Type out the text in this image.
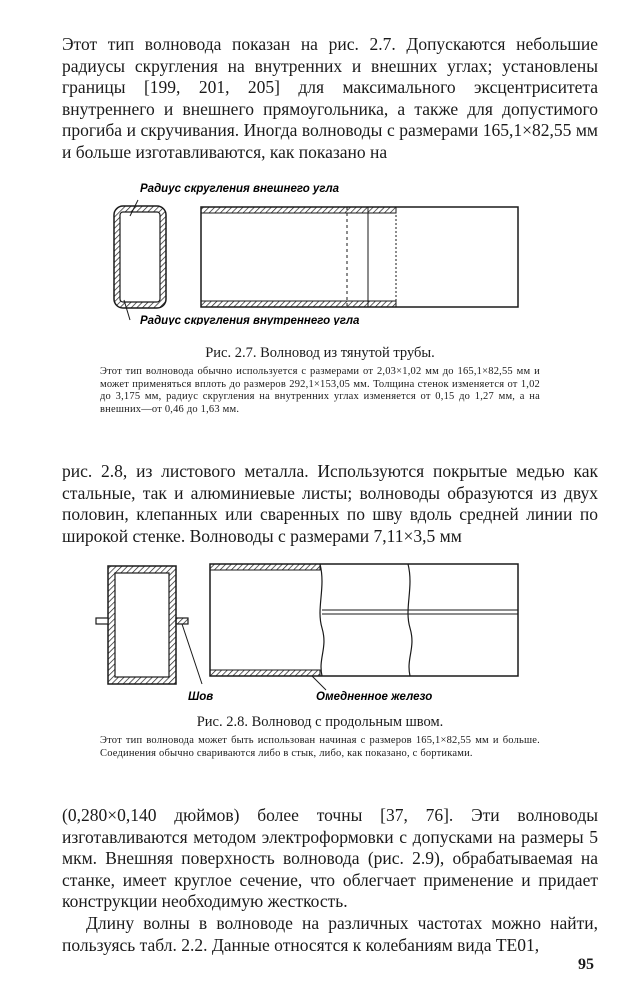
Этот тип волновода показан на рис. 2.7. Допускаются небольшие радиусы скругления на внутренних и внешних углах; установлены границы [199, 201, 205] для максимального эксцентриситета внутреннего и внешнего прямоугольника, а также для допустимого прогиба и скручивания. Иногда волноводы с размерами 165,1×82,55 мм и больше изготавливаются, как показано на

Радиус скругления внешнего угла
Радиус скругления внутреннего угла

Рис. 2.7. Волновод из тянутой трубы.

Этот тип волновода обычно используется с размерами от 2,03×1,02 мм до 165,1×82,55 мм и может применяться вплоть до размеров 292,1×153,05 мм. Толщина стенок изменяется от 1,02 до 3,175 мм, радиус скругления на внутренних углах изменяется от 0,15 до 1,27 мм, а на внешних—от 0,46 до 1,63 мм.

рис. 2.8, из листового металла. Используются покрытые медью как стальные, так и алюминиевые листы; волноводы образуются из двух половин, клепанных или сваренных по шву вдоль средней линии по широкой стенке. Волноводы с размерами 7,11×3,5 мм

Шов	Омедненное железо

Рис. 2.8. Волновод с продольным швом.

Этот тип волновода может быть использован начиная с размеров 165,1×82,55 мм и больше. Соединения обычно свариваются либо в стык, либо, как показано, с бортиками.

(0,280×0,140 дюймов) более точны [37, 76]. Эти волноводы изготавливаются методом электроформовки с допусками на размеры 5 мкм. Внешняя поверхность волновода (рис. 2.9), обрабатываемая на станке, имеет круглое сечение, что облегчает применение и придает конструкции необходимую жесткость.

Длину волны в волноводе на различных частотах можно найти, пользуясь табл. 2.2. Данные относятся к колебаниям вида TE01,

95
